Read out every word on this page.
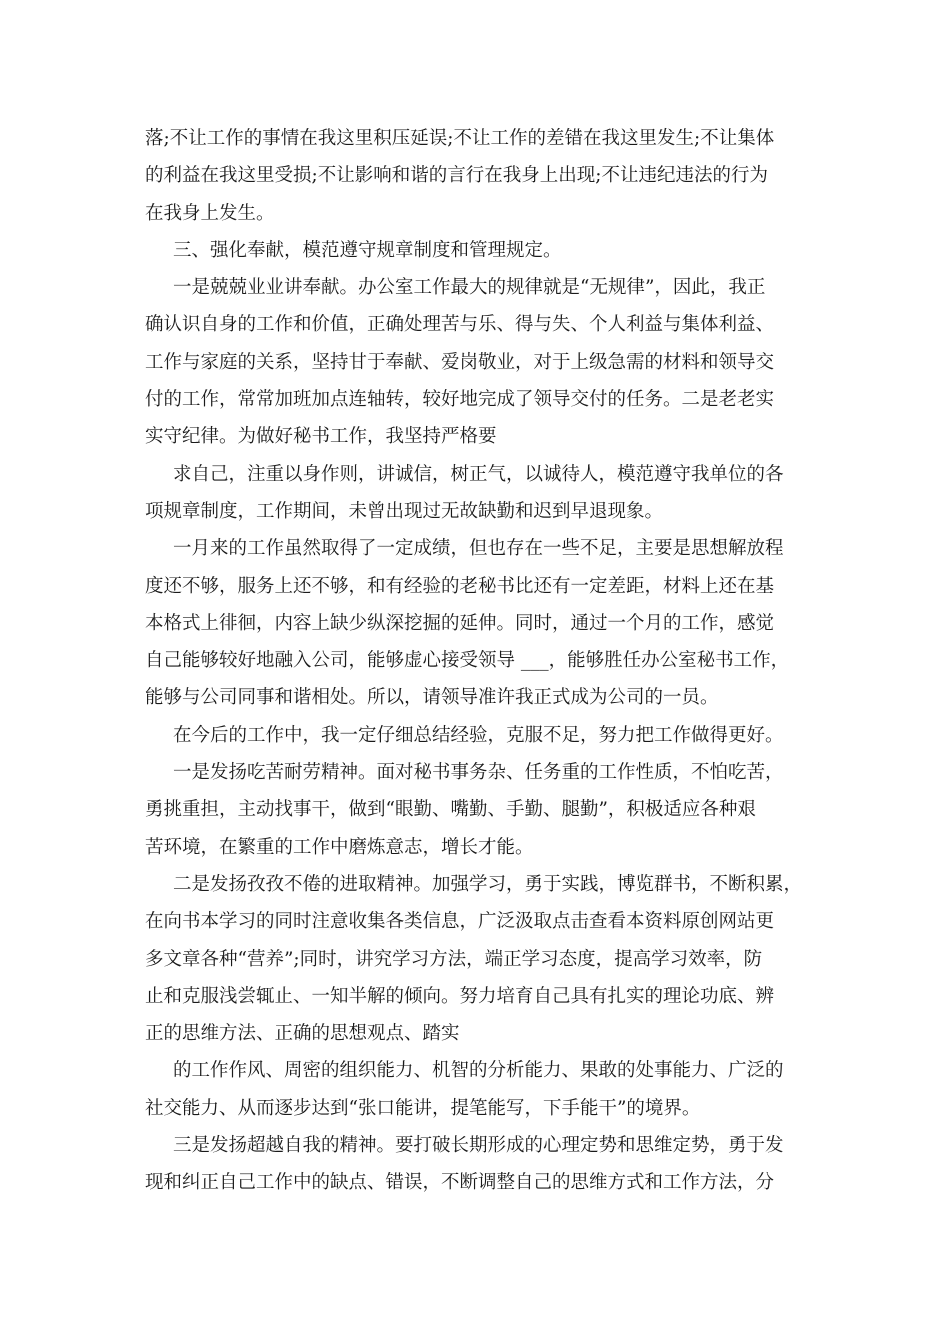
落;不让工作的事情在我这里积压延误;不让工作的差错在我这里发生;不让集体
的利益在我这里受损;不让影响和谐的言行在我身上出现;不让违纪违法的行为
在我身上发生。
三、强化奉献，模范遵守规章制度和管理规定。
一是兢兢业业讲奉献。办公室工作最大的规律就是“无规律”，因此，我正
确认识自身的工作和价值，正确处理苦与乐、得与失、个人利益与集体利益、
工作与家庭的关系，坚持甘于奉献、爱岗敬业，对于上级急需的材料和领导交
付的工作，常常加班加点连轴转，较好地完成了领导交付的任务。二是老老实
实守纪律。为做好秘书工作，我坚持严格要
求自己，注重以身作则，讲诚信，树正气，以诚待人，模范遵守我单位的各
项规章制度，工作期间，未曾出现过无故缺勤和迟到早退现象。
一月来的工作虽然取得了一定成绩，但也存在一些不足，主要是思想解放程
度还不够，服务上还不够，和有经验的老秘书比还有一定差距，材料上还在基
本格式上徘徊，内容上缺少纵深挖掘的延伸。同时，通过一个月的工作，感觉
自己能够较好地融入公司，能够虚心接受领导 ___，能够胜任办公室秘书工作，
能够与公司同事和谐相处。所以，请领导准许我正式成为公司的一员。
在今后的工作中，我一定仔细总结经验，克服不足，努力把工作做得更好。
一是发扬吃苦耐劳精神。面对秘书事务杂、任务重的工作性质，不怕吃苦，
勇挑重担，主动找事干，做到“眼勤、嘴勤、手勤、腿勤”，积极适应各种艰
苦环境，在繁重的工作中磨炼意志，增长才能。
二是发扬孜孜不倦的进取精神。加强学习，勇于实践，博览群书，不断积累，
在向书本学习的同时注意收集各类信息，广泛汲取点击查看本资料原创网站更
多文章各种“营养”;同时，讲究学习方法，端正学习态度，提高学习效率，防
止和克服浅尝辄止、一知半解的倾向。努力培育自己具有扎实的理论功底、辨
正的思维方法、正确的思想观点、踏实
的工作作风、周密的组织能力、机智的分析能力、果敢的处事能力、广泛的
社交能力、从而逐步达到“张口能讲，提笔能写，下手能干”的境界。
三是发扬超越自我的精神。要打破长期形成的心理定势和思维定势，勇于发
现和纠正自己工作中的缺点、错误，不断调整自己的思维方式和工作方法，分
